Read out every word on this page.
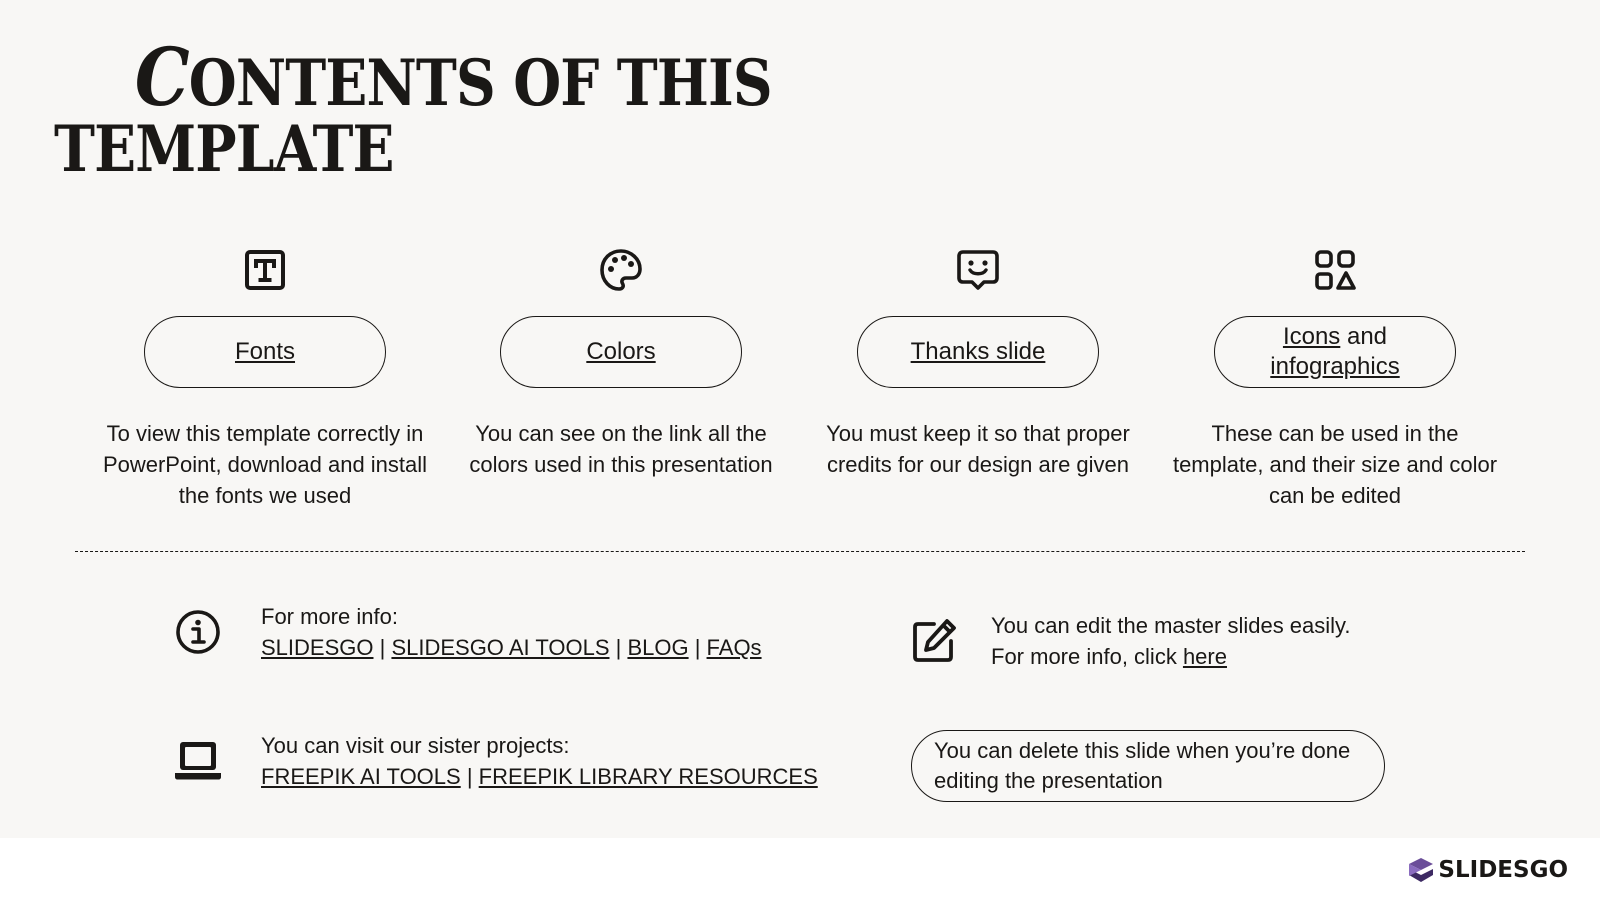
CONTENTS OF THIS
TEMPLATE
Fonts

To view this template correctly in PowerPoint, download and install the fonts we used

Colors

You can see on the link all the colors used in this presentation

Thanks slide

You must keep it so that proper credits for our design are given

Icons and
infographics

These can be used in the template, and their size and color can be edited

For more info:
SLIDESGO | SLIDESGO AI TOOLS | BLOG | FAQs
You can visit our sister projects:
FREEPIK AI TOOLS | FREEPIK LIBRARY RESOURCES
You can edit the master slides easily.
For more info, click here
You can delete this slide when you’re done editing the presentation
SLIDESGO
